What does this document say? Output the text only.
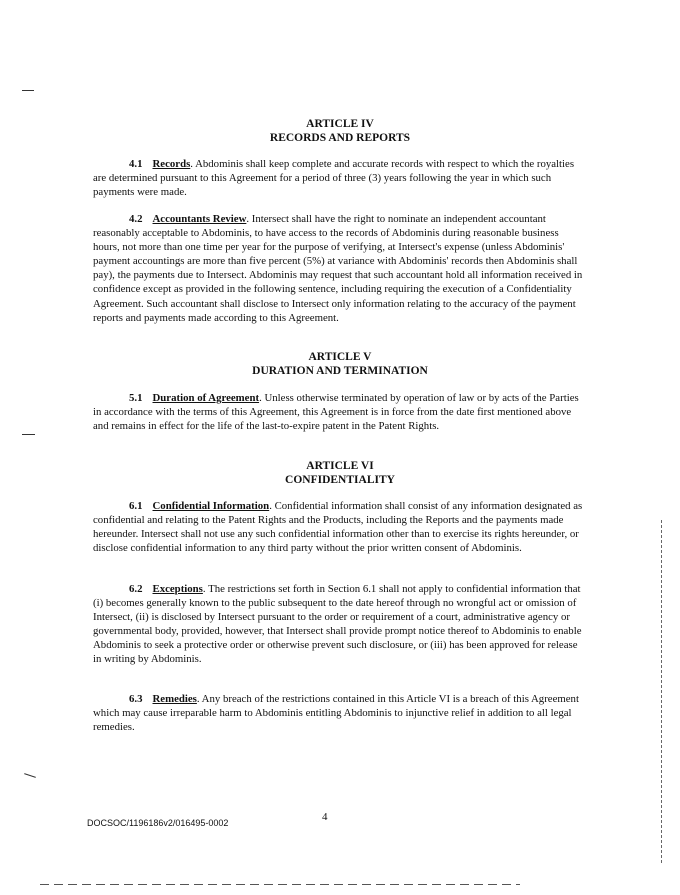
ARTICLE IV
RECORDS AND REPORTS

4.1 Records. Abdominis shall keep complete and accurate records with respect to which the royalties are determined pursuant to this Agreement for a period of three (3) years following the year in which such payments were made.

4.2 Accountants Review. Intersect shall have the right to nominate an independent accountant reasonably acceptable to Abdominis, to have access to the records of Abdominis during reasonable business hours, not more than one time per year for the purpose of verifying, at Intersect's expense (unless Abdominis' payment accountings are more than five percent (5%) at variance with Abdominis' records then Abdominis shall pay), the payments due to Intersect. Abdominis may request that such accountant hold all information received in confidence except as provided in the following sentence, including requiring the execution of a Confidentiality Agreement. Such accountant shall disclose to Intersect only information relating to the accuracy of the payment reports and payments made according to this Agreement.

ARTICLE V
DURATION AND TERMINATION

5.1 Duration of Agreement. Unless otherwise terminated by operation of law or by acts of the Parties in accordance with the terms of this Agreement, this Agreement is in force from the date first mentioned above and remains in effect for the life of the last-to-expire patent in the Patent Rights.

ARTICLE VI
CONFIDENTIALITY

6.1 Confidential Information. Confidential information shall consist of any information designated as confidential and relating to the Patent Rights and the Products, including the Reports and the payments made hereunder. Intersect shall not use any such confidential information other than to exercise its rights hereunder, or disclose confidential information to any third party without the prior written consent of Abdominis.

6.2 Exceptions. The restrictions set forth in Section 6.1 shall not apply to confidential information that (i) becomes generally known to the public subsequent to the date hereof through no wrongful act or omission of Intersect, (ii) is disclosed by Intersect pursuant to the order or requirement of a court, administrative agency or governmental body, provided, however, that Intersect shall provide prompt notice thereof to Abdominis to enable Abdominis to seek a protective order or otherwise prevent such disclosure, or (iii) has been approved for release in writing by Abdominis.

6.3 Remedies. Any breach of the restrictions contained in this Article VI is a breach of this Agreement which may cause irreparable harm to Abdominis entitling Abdominis to injunctive relief in addition to all legal remedies.

4
DOCSOC/1196186v2/016495-0002
